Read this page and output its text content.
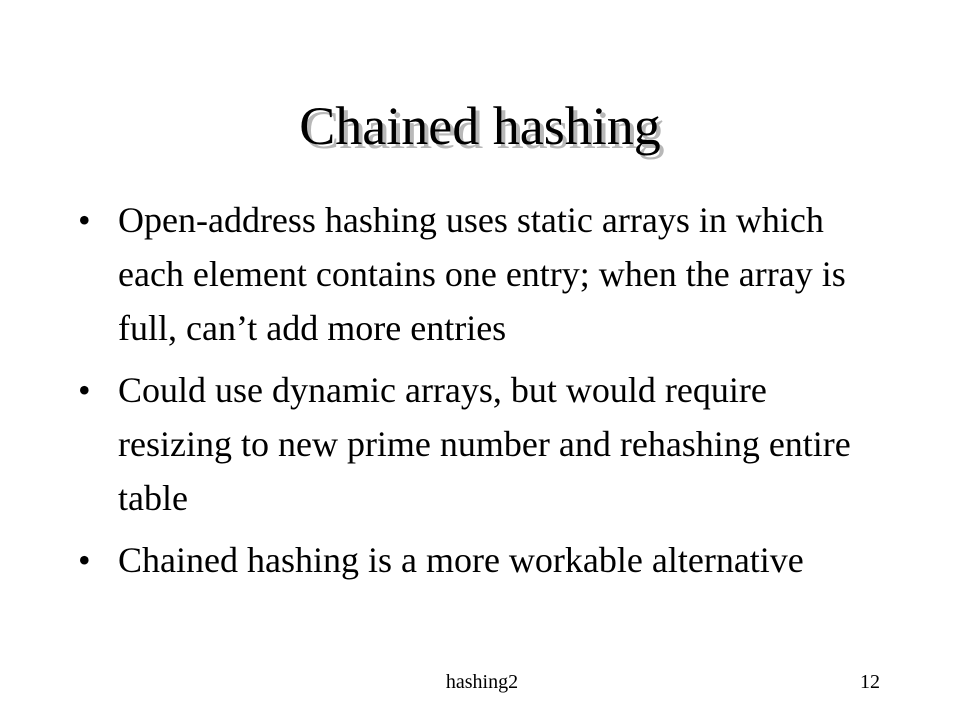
Chained hashing
• Open-address hashing uses static arrays in which each element contains one entry; when the array is full, can’t add more entries
• Could use dynamic arrays, but would require resizing to new prime number and rehashing entire table
• Chained hashing is a more workable alternative
hashing2	12
